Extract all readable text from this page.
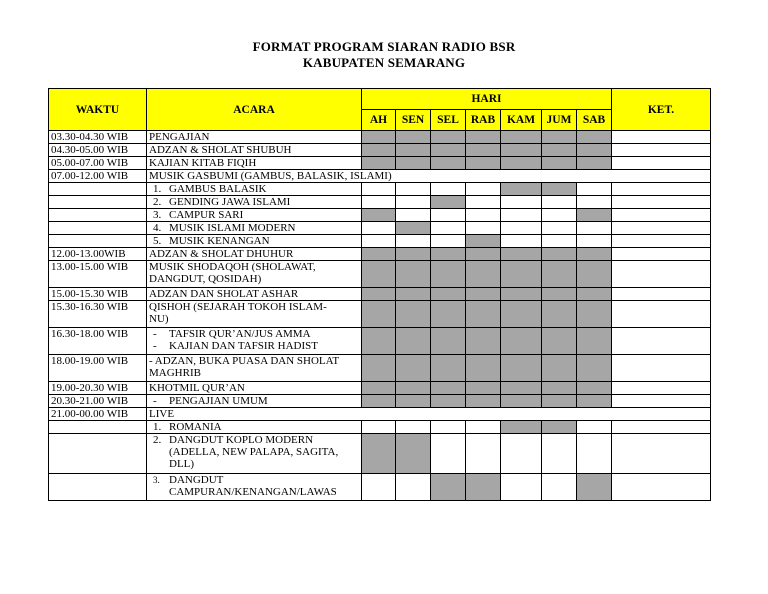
FORMAT PROGRAM SIARAN RADIO BSR
KABUPATEN SEMARANG
WAKTU	ACARA	HARI							KET.
		AH	SEN	SEL	RAB	KAM	JUM	SAB	
03.30-04.30 WIB	PENGAJIAN								

04.30-05.00 WIB	ADZAN & SHOLAT SHUBUH								

05.00-07.00 WIB	KAJIAN KITAB FIQIH								

07.00-12.00 WIB	MUSIK GASBUMI (GAMBUS, BALASIK, ISLAMI)								

	1. GAMBUS BALASIK								

	2. GENDING JAWA ISLAMI								

	3. CAMPUR SARI								

	4. MUSIK ISLAMI MODERN								

	5. MUSIK KENANGAN								

12.00-13.00WIB	ADZAN & SHOLAT DHUHUR								

13.00-15.00 WIB	MUSIK SHODAQOH (SHOLAWAT,
DANGDUT, QOSIDAH)								

15.00-15.30 WIB	ADZAN DAN SHOLAT ASHAR								

15.30-16.30 WIB	QISHOH (SEJARAH TOKOH ISLAM-
NU)								

16.30-18.00 WIB	- TAFSIR QUR’AN/JUS AMMA
- KAJIAN DAN TAFSIR HADIST								

18.00-19.00 WIB	- ADZAN, BUKA PUASA DAN SHOLAT
MAGHRIB								

19.00-20.30 WIB	KHOTMIL QUR’AN								

20.30-21.00 WIB	- PENGAJIAN UMUM								

21.00-00.00 WIB	LIVE								

	1. ROMANIA								

	2. DANGDUT KOPLO MODERN
(ADELLA, NEW PALAPA, SAGITA,
DLL)								

	3. DANGDUT
CAMPURAN/KENANGAN/LAWAS								
